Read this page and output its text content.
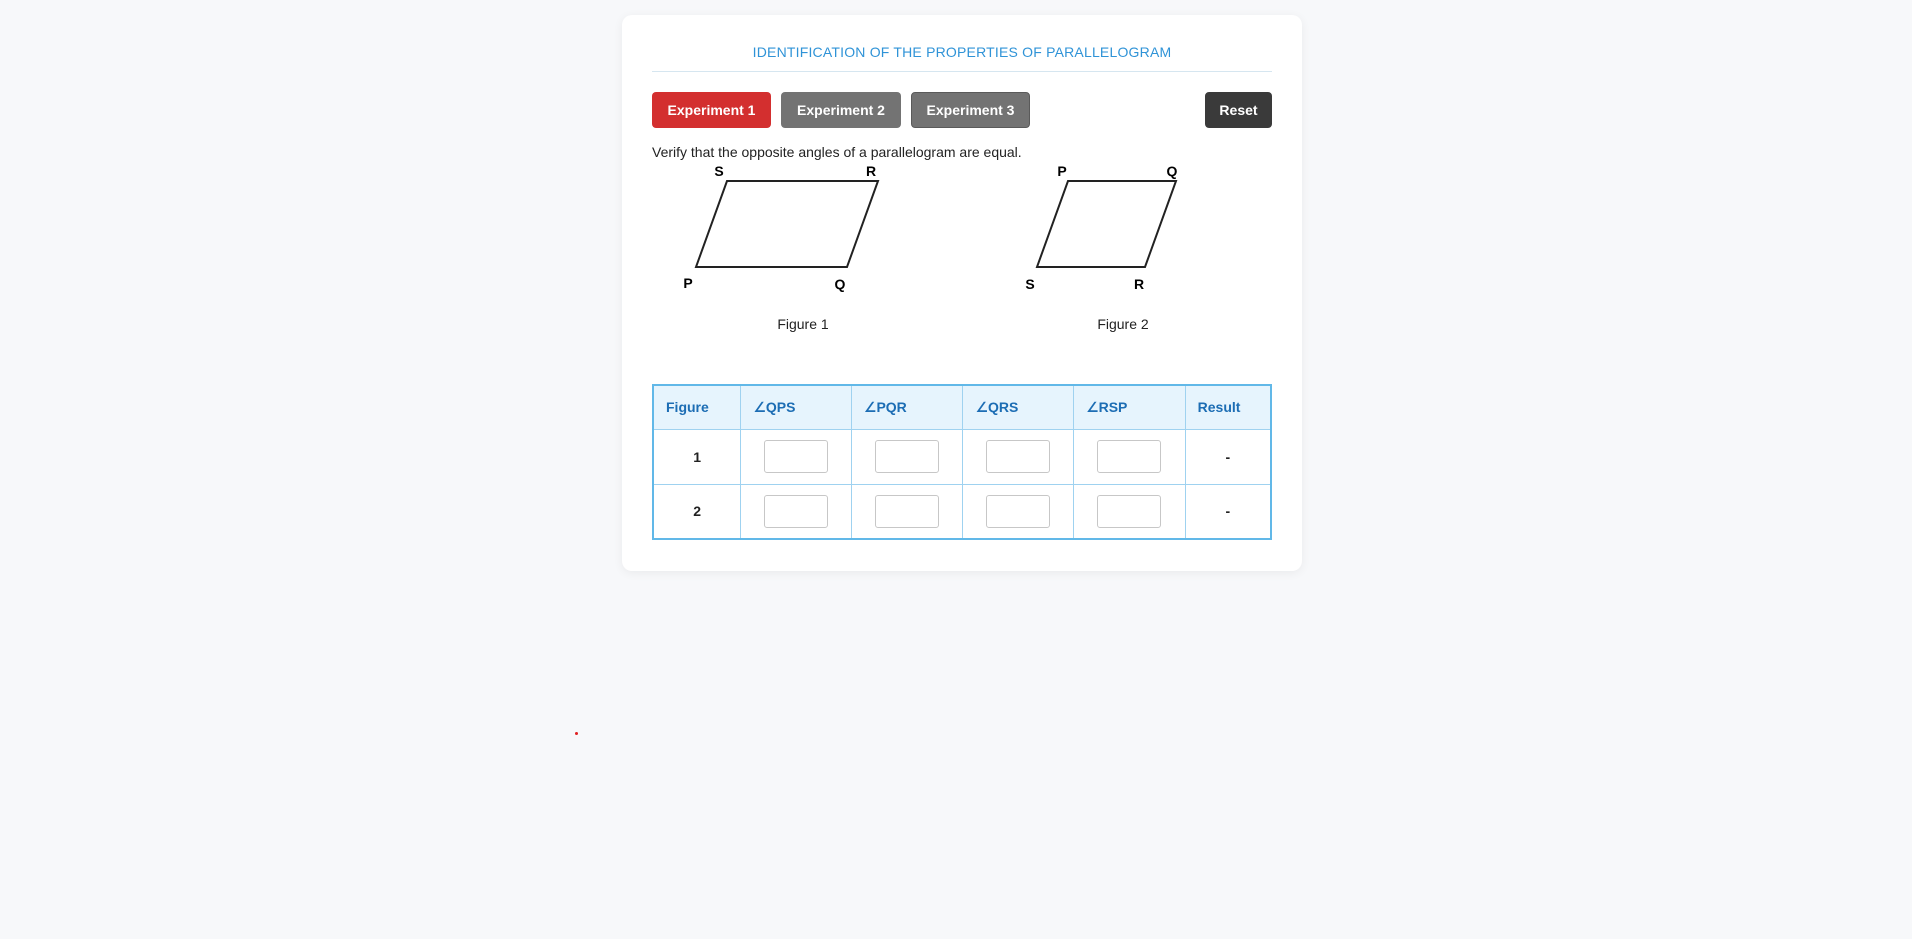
IDENTIFICATION OF THE PROPERTIES OF PARALLELOGRAM
Experiment 1	Experiment 2	Experiment 3	Reset
Verify that the opposite angles of a parallelogram are equal.
S	R
P	Q
P	Q
S	R
Figure 1	Figure 2
Figure	∠QPS	∠PQR	∠QRS	∠RSP	Result
1					-
2					-
